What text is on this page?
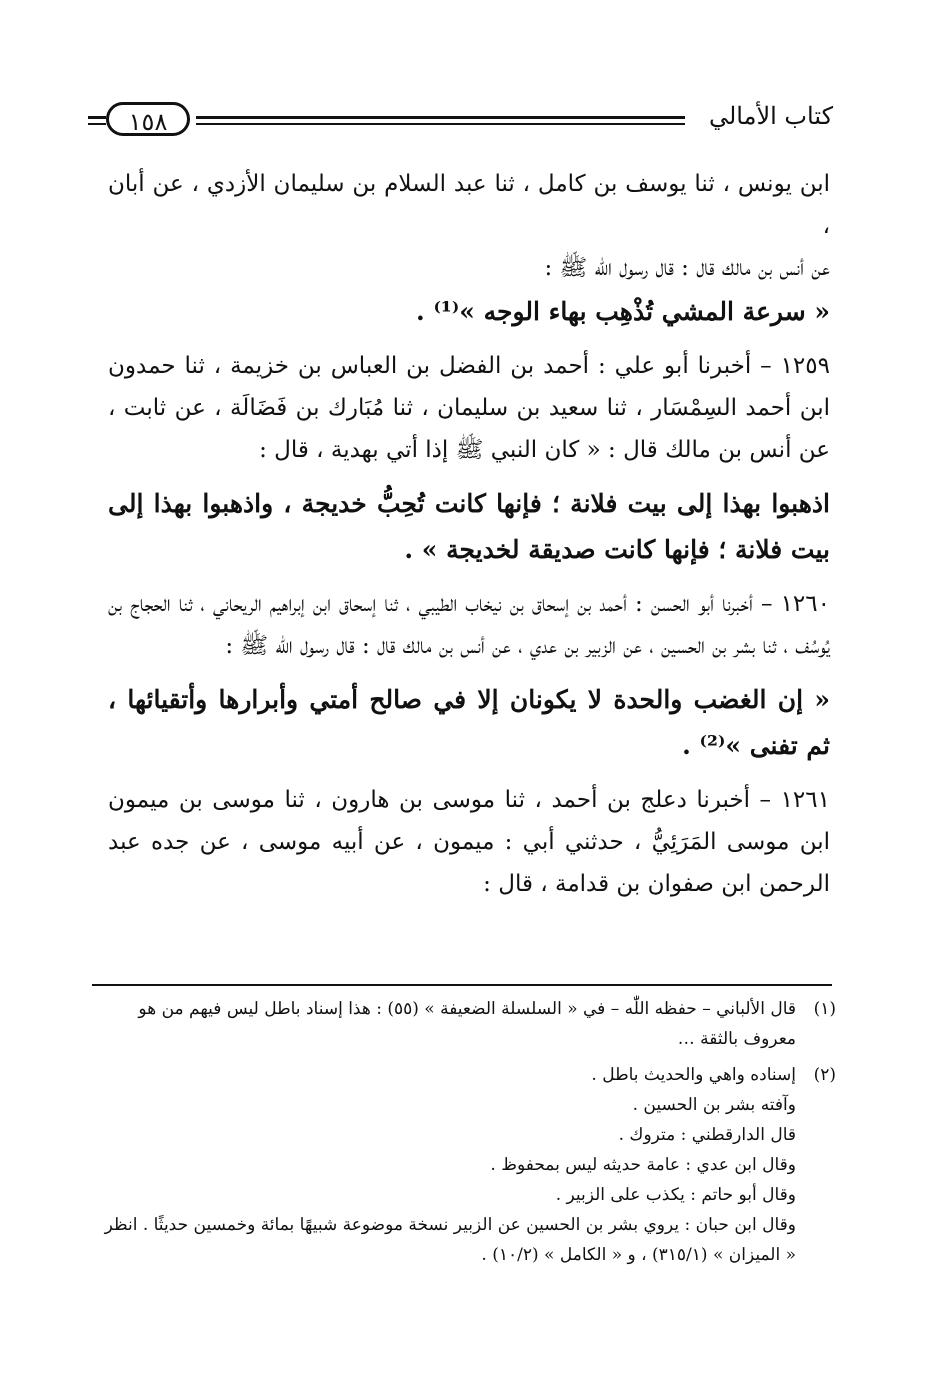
كتاب الأمالي
١٥٨

ابن يونس ، ثنا يوسف بن كامل ، ثنا عبد السلام بن سليمان الأزدي ، عن أبان ،

عن أنس بن مالك قال : قال رسول اللّٰه ﷺ :

« سرعة المشي تُذْهِب بهاء الوجه »⁽¹⁾ .

١٢٥٩ – أخبرنا أبو علي : أحمد بن الفضل بن العباس بن خزيمة ، ثنا حمدون ابن أحمد السِمْسَار ، ثنا سعيد بن سليمان ، ثنا مُبَارك بن فَضَالَة ، عن ثابت ، عن أنس بن مالك قال : « كان النبي ﷺ إذا أتي بهدية ، قال :

اذهبوا بهذا إلى بيت فلانة ؛ فإنها كانت تُحِبُّ خديجة ، واذهبوا بهذا إلى بيت فلانة ؛ فإنها كانت صديقة لخديجة » .

١٢٦٠ – أخبرنا أبو الحسن : أحمد بن إسحاق بن نيخاب الطيبي ، ثنا إسحاق ابن إبراهيم الريحاني ، ثنا الحجاج بن يُوسُف ، ثنا بشر بن الحسين ، عن الزبير بن عدي ، عن أنس بن مالك قال : قال رسول اللّٰه ﷺ :

« إن الغضب والحدة لا يكونان إلا في صالح أمتي وأبرارها وأتقيائها ، ثم تفنى »⁽²⁾ .

١٢٦١ – أخبرنا دعلج بن أحمد ، ثنا موسى بن هارون ، ثنا موسى بن ميمون ابن موسى المَرَئِيُّ ، حدثني أبي : ميمون ، عن أبيه موسى ، عن جده عبد الرحمن ابن صفوان بن قدامة ، قال :

(١)
قال الألباني – حفظه اللّٰه – في « السلسلة الضعيفة » (٥٥) : هذا إسناد باطل ليس فيهم من هو معروف بالثقة …
(٢)
إسناده واهي والحديث باطل .
وآفته بشر بن الحسين .
قال الدارقطني : متروك .
وقال ابن عدي : عامة حديثه ليس بمحفوظ .
وقال أبو حاتم : يكذب على الزبير .
وقال ابن حبان : يروي بشر بن الحسين عن الزبير نسخة موضوعة شبيهًا بمائة وخمسين حديثًا . انظر « الميزان » (٣١٥/١) ، و « الكامل » (١٠/٢) .
